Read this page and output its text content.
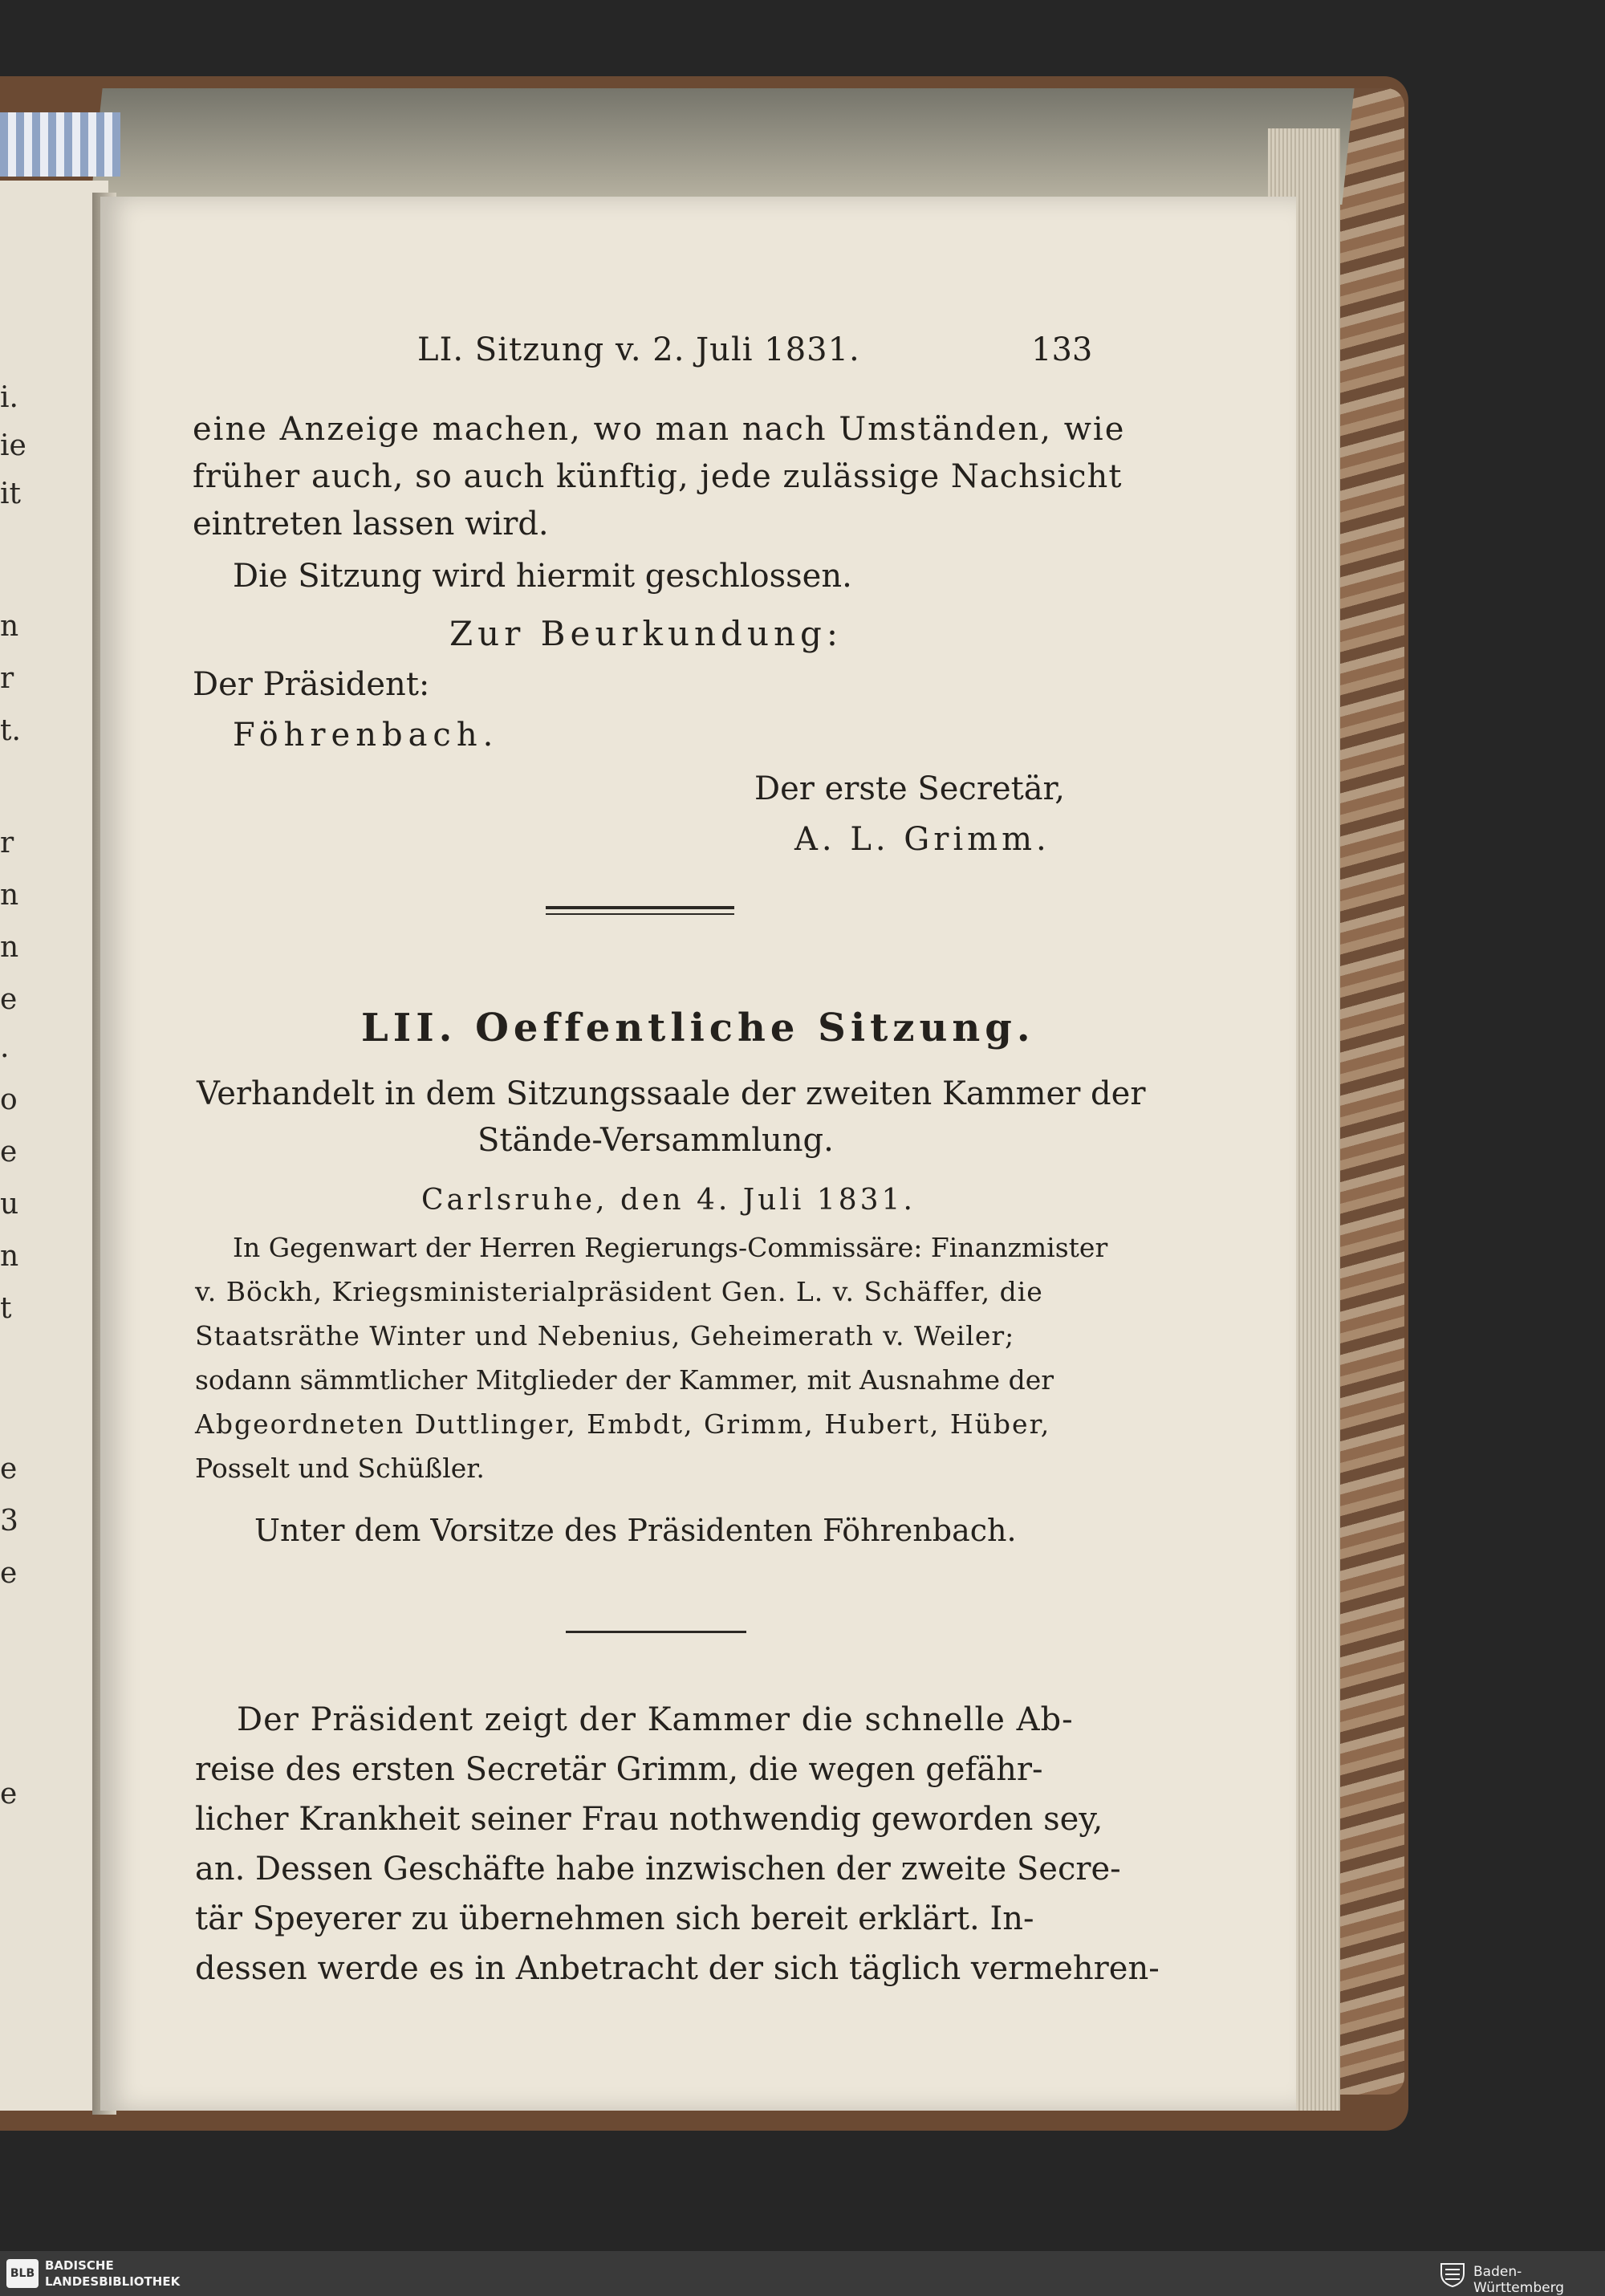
i.
ie
it
n
r
t.
r
n
n
e
.
o
e
u
n
t
e
3
e
e
LI. Sitzung v. 2. Juli 1831.	133
eine Anzeige machen, wo man nach Umständen, wie
früher auch, so auch künftig, jede zulässige Nachsicht
eintreten lassen wird.
Die Sitzung wird hiermit geschlossen.
Zur Beurkundung:
Der Präsident:
Föhrenbach.
Der erste Secretär,
A. L. Grimm.
LII. Oeffentliche Sitzung.
Verhandelt in dem Sitzungssaale der zweiten Kammer der
Stände-Versammlung.
Carlsruhe, den 4. Juli 1831.
In Gegenwart der Herren Regierungs-Commissäre: Finanzmister
v. Böckh, Kriegsministerialpräsident Gen. L. v. Schäffer, die
Staatsräthe Winter und Nebenius, Geheimerath v. Weiler;
sodann sämmtlicher Mitglieder der Kammer, mit Ausnahme der
Abgeordneten Duttlinger, Embdt, Grimm, Hubert, Hüber,
Posselt und Schüßler.
Unter dem Vorsitze des Präsidenten Föhrenbach.
Der Präsident zeigt der Kammer die schnelle Ab-
reise des ersten Secretär Grimm, die wegen gefähr-
licher Krankheit seiner Frau nothwendig geworden sey,
an. Dessen Geschäfte habe inzwischen der zweite Secre-
tär Speyerer zu übernehmen sich bereit erklärt. In-
dessen werde es in Anbetracht der sich täglich vermehren-
BLB
BADISCHE
LANDESBIBLIOTHEK
Baden-Württemberg
